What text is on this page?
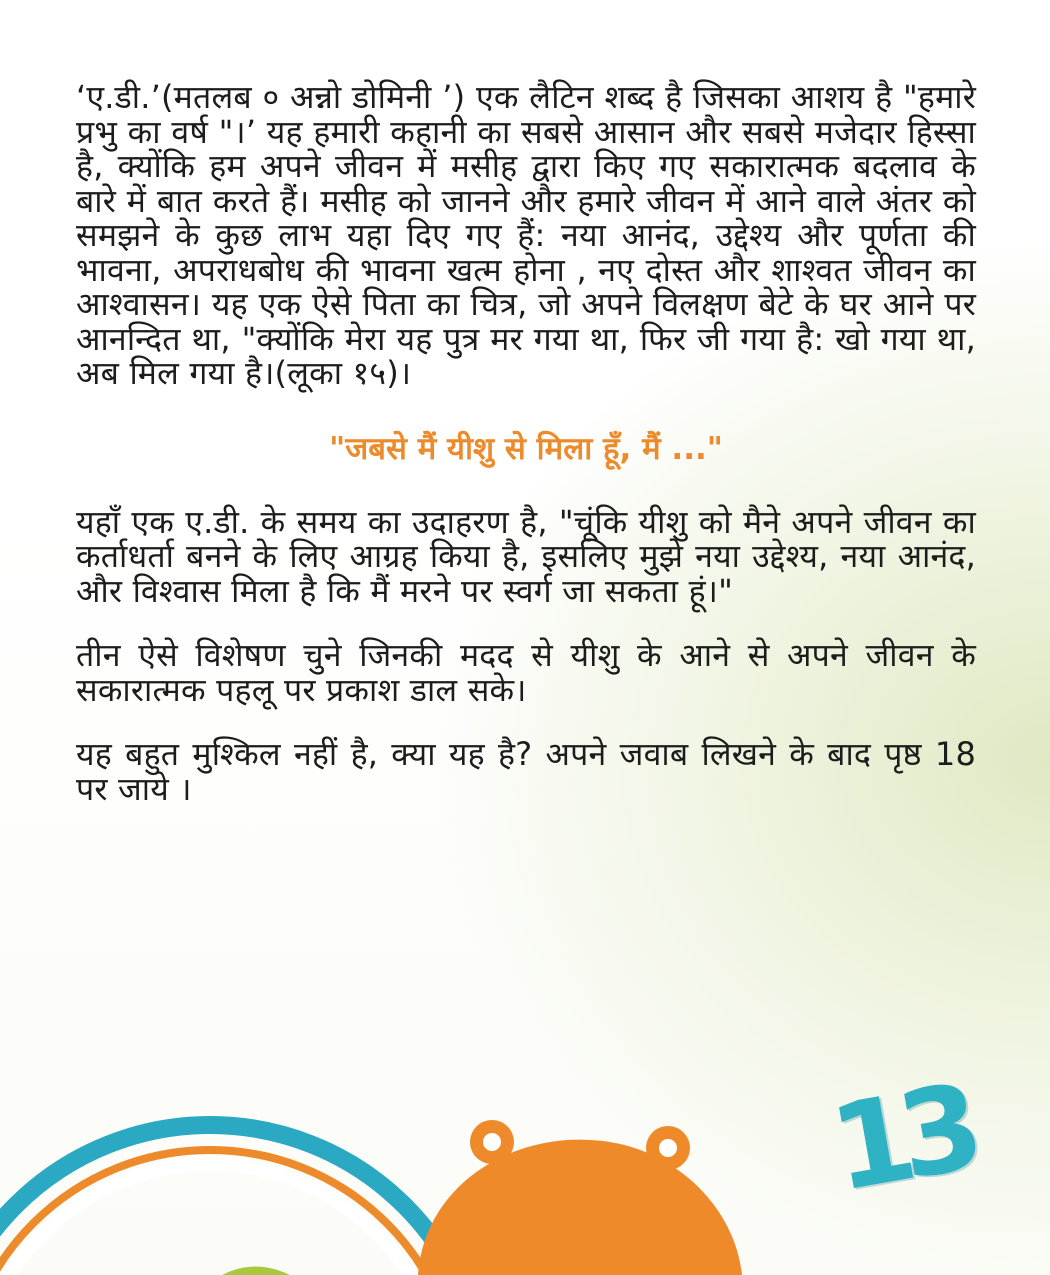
‘ए.डी.’(मतलब ० अन्नो डोमिनी ’) एक लैटिन शब्द है जिसका आशय है "हमारे प्रभु का वर्ष "।’ यह हमारी कहानी का सबसे आसान और सबसे मजेदार हिस्सा है, क्योंकि हम अपने जीवन में मसीह द्वारा किए गए सकारात्मक बदलाव के बारे में बात करते हैं। मसीह को जानने और हमारे जीवन में आने वाले अंतर को समझने के कुछ लाभ यहा दिए गए हैं: नया आनंद, उद्देश्य और पूर्णता की भावना, अपराधबोध की भावना खत्म होना , नए दोस्त और शाश्वत जीवन का आश्वासन। यह एक ऐसे पिता का चित्र, जो अपने विलक्षण बेटे के घर आने पर आनन्दित था, "क्योंकि मेरा यह पुत्र मर गया था, फिर जी गया है: खो गया था, अब मिल गया है।(लूका १५)।

"जबसे मैं यीशु से मिला हूँ, मैं ..."

यहाँ एक ए.डी. के समय का उदाहरण है, "चूंकि यीशु को मैने अपने जीवन का कर्ताधर्ता बनने के लिए आग्रह किया है, इसलिए मुझे नया उद्देश्य, नया आनंद, और विश्वास मिला है कि मैं मरने पर स्वर्ग जा सकता हूं।"

तीन ऐसे विशेषण चुने जिनकी मदद से यीशु के आने से अपने जीवन के सकारात्मक पहलू पर प्रकाश डाल सके।

यह बहुत मुश्किल नहीं है, क्या यह है? अपने जवाब लिखने के बाद पृष्ठ 18 पर जाये ।

13
